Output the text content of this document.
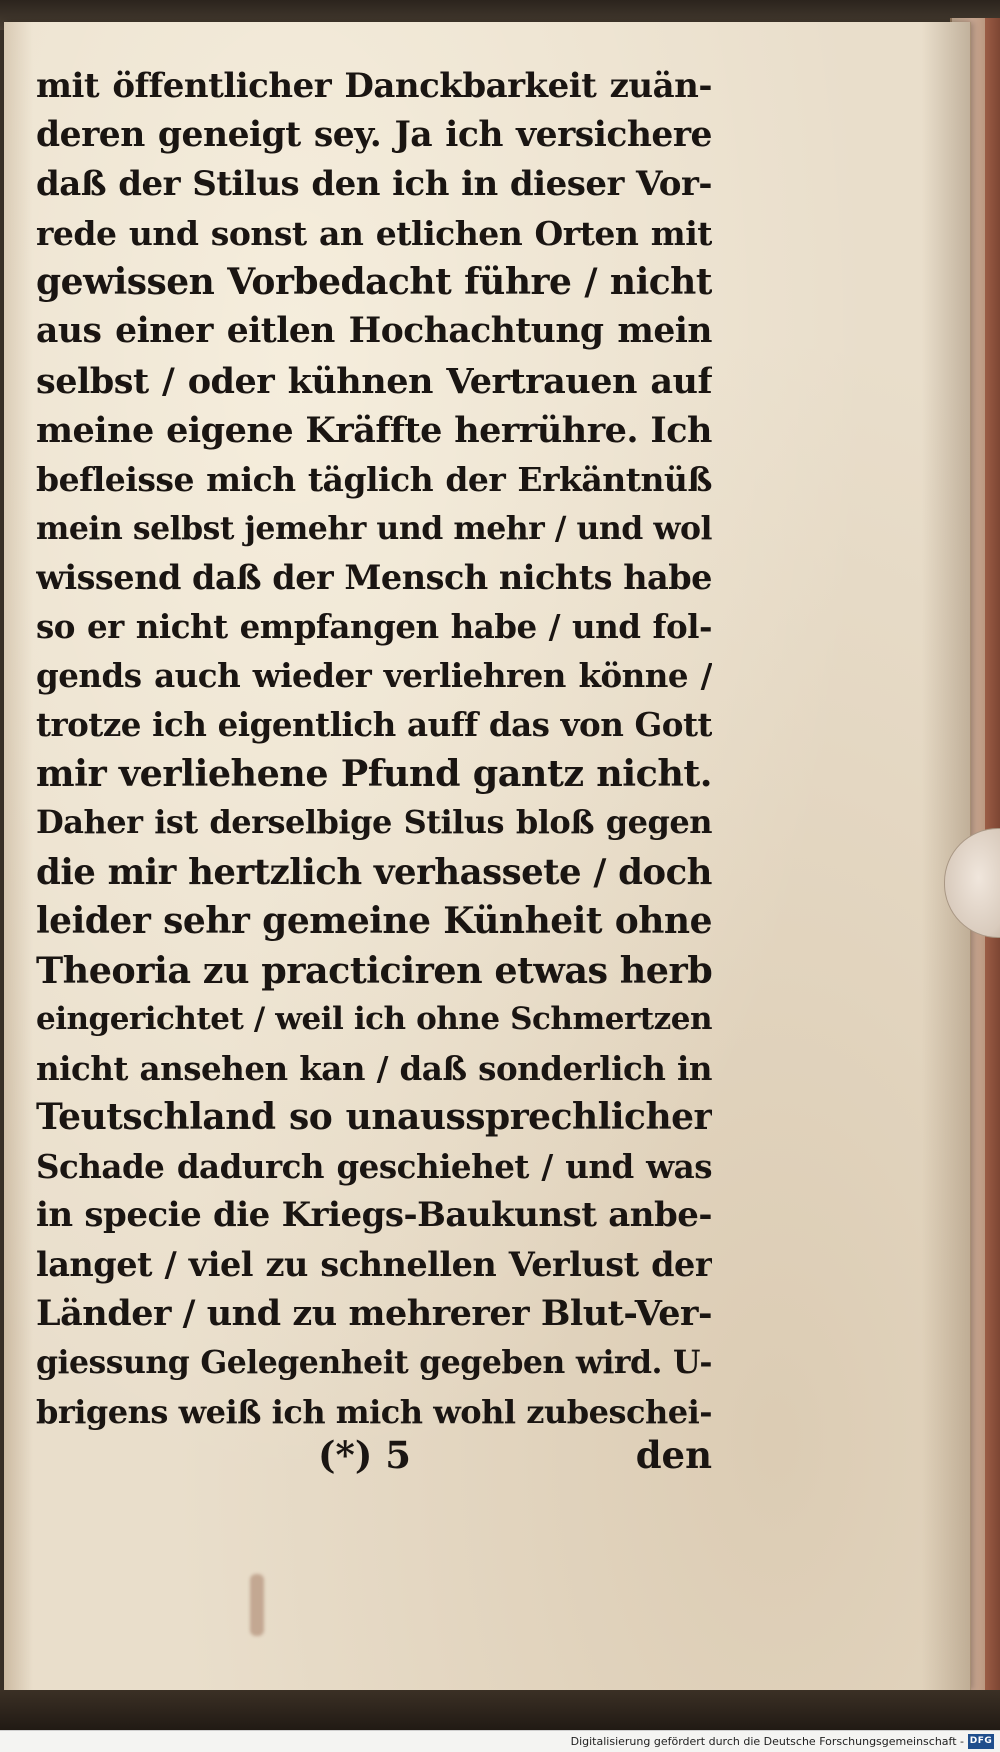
mit öffentlicher Danckbarkeit zuän-
deren geneigt sey. Ja ich versichere
daß der Stilus den ich in dieser Vor-
rede und sonst an etlichen Orten mit
gewissen Vorbedacht führe / nicht
aus einer eitlen Hochachtung mein
selbst / oder kühnen Vertrauen auf
meine eigene Kräffte herrühre. Ich
befleisse mich täglich der Erkäntnüß
mein selbst jemehr und mehr / und wol
wissend daß der Mensch nichts habe
so er nicht empfangen habe / und fol-
gends auch wieder verliehren könne /
trotze ich eigentlich auff das von Gott
mir verliehene Pfund gantz nicht.
Daher ist derselbige Stilus bloß gegen
die mir hertzlich verhassete / doch
leider sehr gemeine Künheit ohne
Theoria zu practiciren etwas herb
eingerichtet / weil ich ohne Schmertzen
nicht ansehen kan / daß sonderlich in
Teutschland so unaussprechlicher
Schade dadurch geschiehet / und was
in specie die Kriegs-Baukunst anbe-
langet / viel zu schnellen Verlust der
Länder / und zu mehrerer Blut-Ver-
giessung Gelegenheit gegeben wird. U-
brigens weiß ich mich wohl zubeschei-
(*) 5	den
Digitalisierung gefördert durch die Deutsche Forschungsgemeinschaft - DFG
